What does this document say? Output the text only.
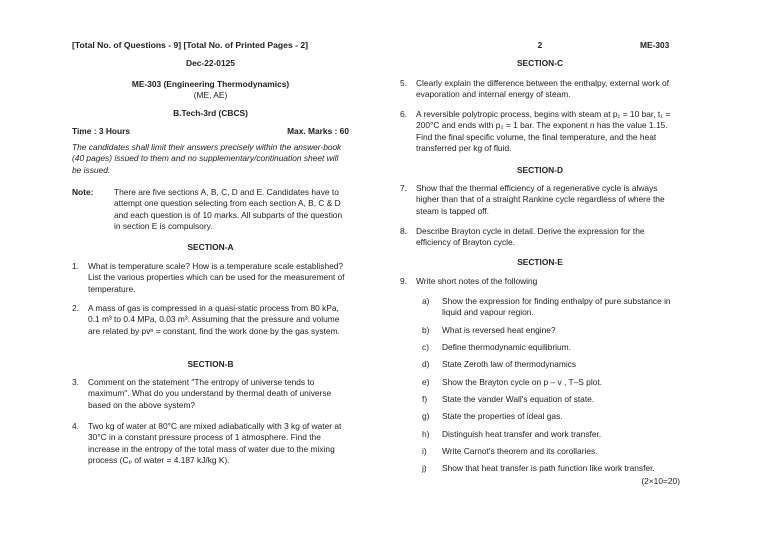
[Total No. of Questions - 9] [Total No. of Printed Pages - 2]
Dec-22-0125
ME-303 (Engineering Thermodynamics)
(ME, AE)
B.Tech-3rd (CBCS)
Time : 3 Hours	Max. Marks : 60
The candidates shall limit their answers precisely within the answer-book (40 pages) issued to them and no supplementary/continuation sheet will be issued.
Note:	There are five sections A, B, C, D and E. Candidates have to attempt one question selecting from each section A, B, C & D and each question is of 10 marks. All subparts of the question in section E is compulsory.
SECTION-A
1.	What is temperature scale? How is a temperature scale established? List the various properties which can be used for the measurement of temperature.
2.	A mass of gas is compressed in a quasi-static process from 80 kPa, 0.1 m³ to 0.4 MPa, 0.03 m³. Assuming that the pressure and volume are related by pvⁿ = constant, find the work done by the gas system.
SECTION-B
3.	Comment on the statement "The entropy of universe tends to maximum". What do you understand by thermal death of universe based on the above system?
4.	Two kg of water at 80°C are mixed adiabatically with 3 kg of water at 30°C in a constant pressure process of 1 atmosphere. Find the increase in the entropy of the total mass of water due to the mixing process (Cₚ of water = 4.187 kJ/kg K).
2	ME-303
SECTION-C
5.	Clearly explain the difference between the enthalpy, external work of evaporation and internal energy of steam.
6.	A reversible polytropic process, begins with steam at p₁ = 10 bar, t₁ = 200°C and ends with p₂ = 1 bar. The exponent n has the value 1.15. Find the final specific volume, the final temperature, and the heat transferred per kg of fluid.
SECTION-D
7.	Show that the thermal efficiency of a regenerative cycle is always higher than that of a straight Rankine cycle regardless of where the steam is tapped off.
8.	Describe Brayton cycle in detail. Derive the expression for the efficiency of Brayton cycle.
SECTION-E
9.	Write short notes of the following
a)	Show the expression for finding enthalpy of pure substance in liquid and vapour region.
b)	What is reversed heat engine?
c)	Define thermodynamic equilibrium.
d)	State Zeroth law of thermodynamics
e)	Show the Brayton cycle on p – v , T–S plot.
f)	State the vander Wall's equation of state.
g)	State the properties of ideal gas.
h)	Distinguish heat transfer and work transfer.
i)	Write Carnot's theorem and its corollaries.
j)	Show that heat transfer is path function like work transfer.
(2×10=20)
